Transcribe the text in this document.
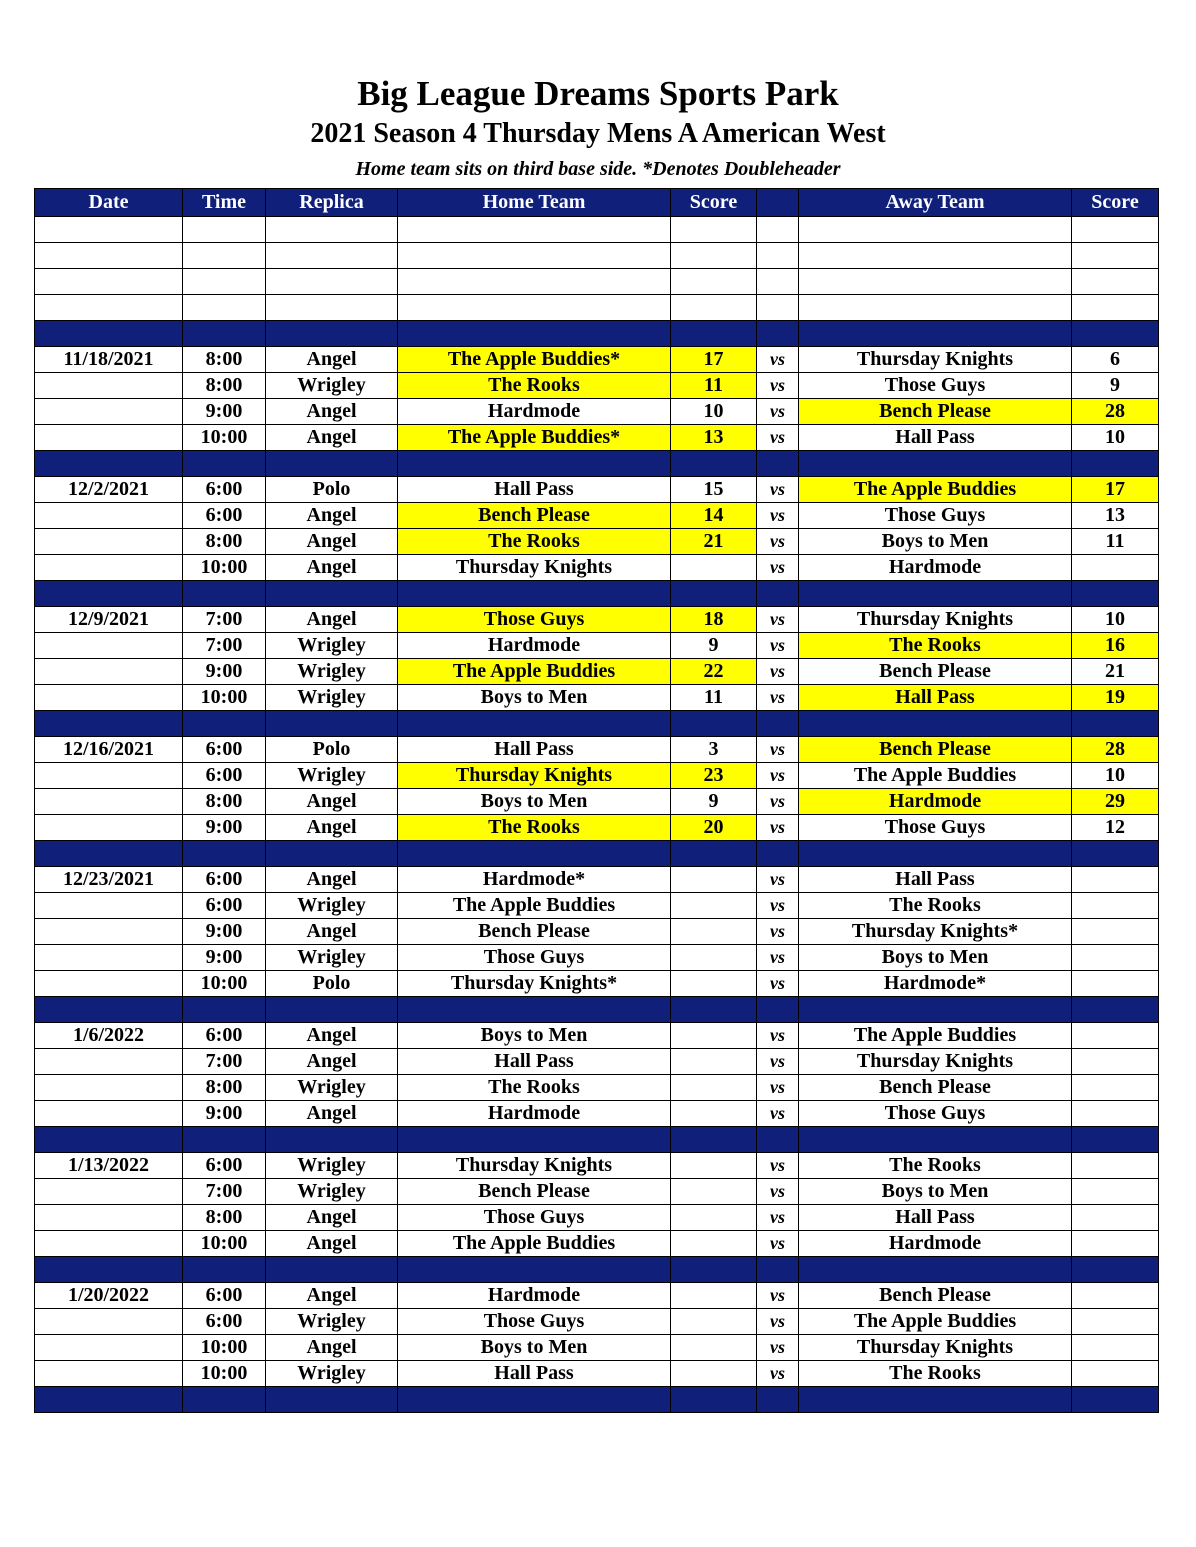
Big League Dreams Sports Park
2021 Season 4 Thursday Mens A American West
Home team sits on third base side. *Denotes Doubleheader
Date	Time	Replica	Home Team	Score		Away Team	Score

11/18/2021	8:00	Angel	The Apple Buddies*	17	vs	Thursday Knights	6
	8:00	Wrigley	The Rooks	11	vs	Those Guys	9
	9:00	Angel	Hardmode	10	vs	Bench Please	28
	10:00	Angel	The Apple Buddies*	13	vs	Hall Pass	10

12/2/2021	6:00	Polo	Hall Pass	15	vs	The Apple Buddies	17
	6:00	Angel	Bench Please	14	vs	Those Guys	13
	8:00	Angel	The Rooks	21	vs	Boys to Men	11
	10:00	Angel	Thursday Knights		vs	Hardmode	

12/9/2021	7:00	Angel	Those Guys	18	vs	Thursday Knights	10
	7:00	Wrigley	Hardmode	9	vs	The Rooks	16
	9:00	Wrigley	The Apple Buddies	22	vs	Bench Please	21
	10:00	Wrigley	Boys to Men	11	vs	Hall Pass	19

12/16/2021	6:00	Polo	Hall Pass	3	vs	Bench Please	28
	6:00	Wrigley	Thursday Knights	23	vs	The Apple Buddies	10
	8:00	Angel	Boys to Men	9	vs	Hardmode	29
	9:00	Angel	The Rooks	20	vs	Those Guys	12

12/23/2021	6:00	Angel	Hardmode*		vs	Hall Pass	
	6:00	Wrigley	The Apple Buddies		vs	The Rooks	
	9:00	Angel	Bench Please		vs	Thursday Knights*	
	9:00	Wrigley	Those Guys		vs	Boys to Men	
	10:00	Polo	Thursday Knights*		vs	Hardmode*	

1/6/2022	6:00	Angel	Boys to Men		vs	The Apple Buddies	
	7:00	Angel	Hall Pass		vs	Thursday Knights	
	8:00	Wrigley	The Rooks		vs	Bench Please	
	9:00	Angel	Hardmode		vs	Those Guys	

1/13/2022	6:00	Wrigley	Thursday Knights		vs	The Rooks	
	7:00	Wrigley	Bench Please		vs	Boys to Men	
	8:00	Angel	Those Guys		vs	Hall Pass	
	10:00	Angel	The Apple Buddies		vs	Hardmode	

1/20/2022	6:00	Angel	Hardmode		vs	Bench Please	
	6:00	Wrigley	Those Guys		vs	The Apple Buddies	
	10:00	Angel	Boys to Men		vs	Thursday Knights	
	10:00	Wrigley	Hall Pass		vs	The Rooks	
